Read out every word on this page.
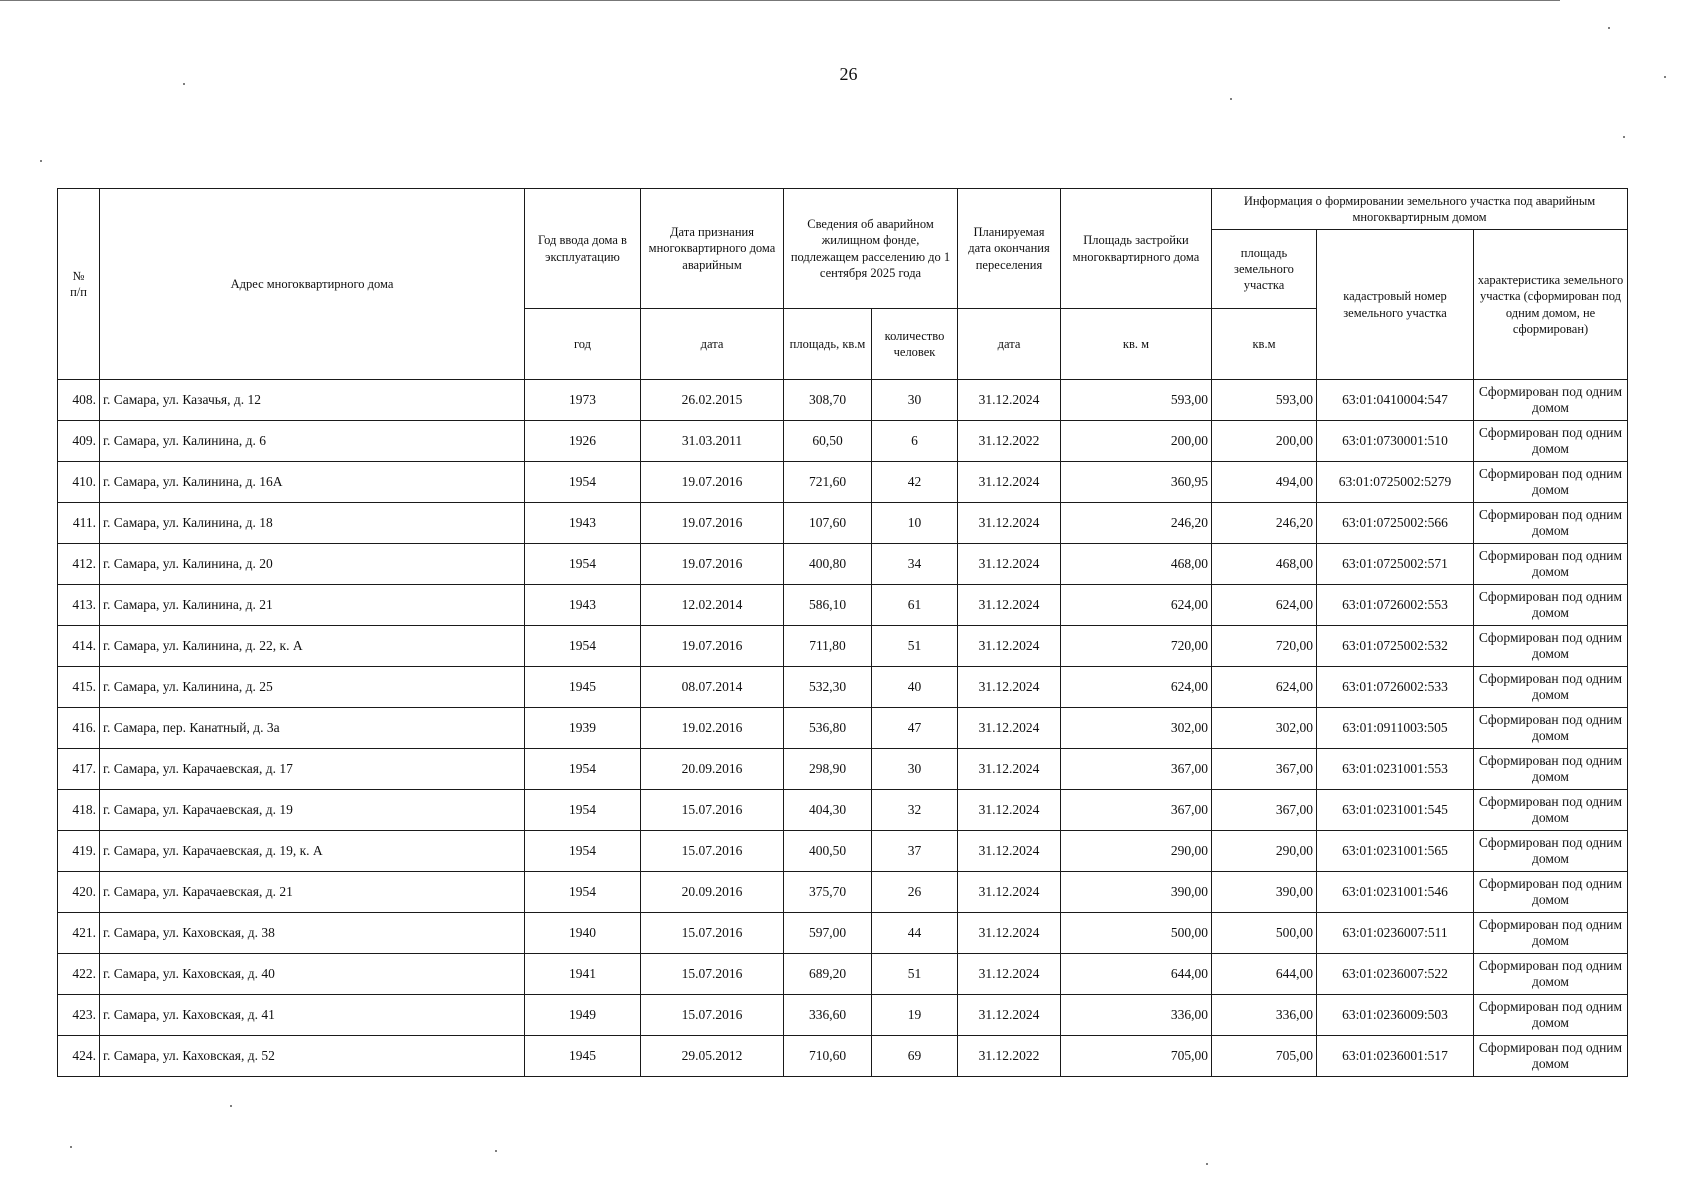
26
№
п/п	Адрес многоквартирного дома	Год ввода дома в эксплуатацию	Дата признания многоквартирного дома аварийным	Сведения об аварийном жилищном фонде, подлежащем расселению до 1 сентября 2025 года		Планируемая дата окончания переселения	Площадь застройки многоквартирного дома	Информация о формировании земельного участка под аварийным многоквартирным домом		
								площадь земельного участка	кадастровый номер земельного участка	характеристика земельного участка (сформирован под одним домом, не сформирован)
		год	дата	площадь, кв.м	количество человек	дата	кв. м	кв.м		
408.	г. Самара, ул. Казачья, д. 12	1973	26.02.2015	308,70	30	31.12.2024	593,00	593,00	63:01:0410004:547	Сформирован под одним домом
409.	г. Самара, ул. Калинина, д. 6	1926	31.03.2011	60,50	6	31.12.2022	200,00	200,00	63:01:0730001:510	Сформирован под одним домом
410.	г. Самара, ул. Калинина, д. 16А	1954	19.07.2016	721,60	42	31.12.2024	360,95	494,00	63:01:0725002:5279	Сформирован под одним домом
411.	г. Самара, ул. Калинина, д. 18	1943	19.07.2016	107,60	10	31.12.2024	246,20	246,20	63:01:0725002:566	Сформирован под одним домом
412.	г. Самара, ул. Калинина, д. 20	1954	19.07.2016	400,80	34	31.12.2024	468,00	468,00	63:01:0725002:571	Сформирован под одним домом
413.	г. Самара, ул. Калинина, д. 21	1943	12.02.2014	586,10	61	31.12.2024	624,00	624,00	63:01:0726002:553	Сформирован под одним домом
414.	г. Самара, ул. Калинина, д. 22, к. А	1954	19.07.2016	711,80	51	31.12.2024	720,00	720,00	63:01:0725002:532	Сформирован под одним домом
415.	г. Самара, ул. Калинина, д. 25	1945	08.07.2014	532,30	40	31.12.2024	624,00	624,00	63:01:0726002:533	Сформирован под одним домом
416.	г. Самара, пер. Канатный, д. 3а	1939	19.02.2016	536,80	47	31.12.2024	302,00	302,00	63:01:0911003:505	Сформирован под одним домом
417.	г. Самара, ул. Карачаевская, д. 17	1954	20.09.2016	298,90	30	31.12.2024	367,00	367,00	63:01:0231001:553	Сформирован под одним домом
418.	г. Самара, ул. Карачаевская, д. 19	1954	15.07.2016	404,30	32	31.12.2024	367,00	367,00	63:01:0231001:545	Сформирован под одним домом
419.	г. Самара, ул. Карачаевская, д. 19, к. А	1954	15.07.2016	400,50	37	31.12.2024	290,00	290,00	63:01:0231001:565	Сформирован под одним домом
420.	г. Самара, ул. Карачаевская, д. 21	1954	20.09.2016	375,70	26	31.12.2024	390,00	390,00	63:01:0231001:546	Сформирован под одним домом
421.	г. Самара, ул. Каховская, д. 38	1940	15.07.2016	597,00	44	31.12.2024	500,00	500,00	63:01:0236007:511	Сформирован под одним домом
422.	г. Самара, ул. Каховская, д. 40	1941	15.07.2016	689,20	51	31.12.2024	644,00	644,00	63:01:0236007:522	Сформирован под одним домом
423.	г. Самара, ул. Каховская, д. 41	1949	15.07.2016	336,60	19	31.12.2024	336,00	336,00	63:01:0236009:503	Сформирован под одним домом
424.	г. Самара, ул. Каховская, д. 52	1945	29.05.2012	710,60	69	31.12.2022	705,00	705,00	63:01:0236001:517	Сформирован под одним домом
